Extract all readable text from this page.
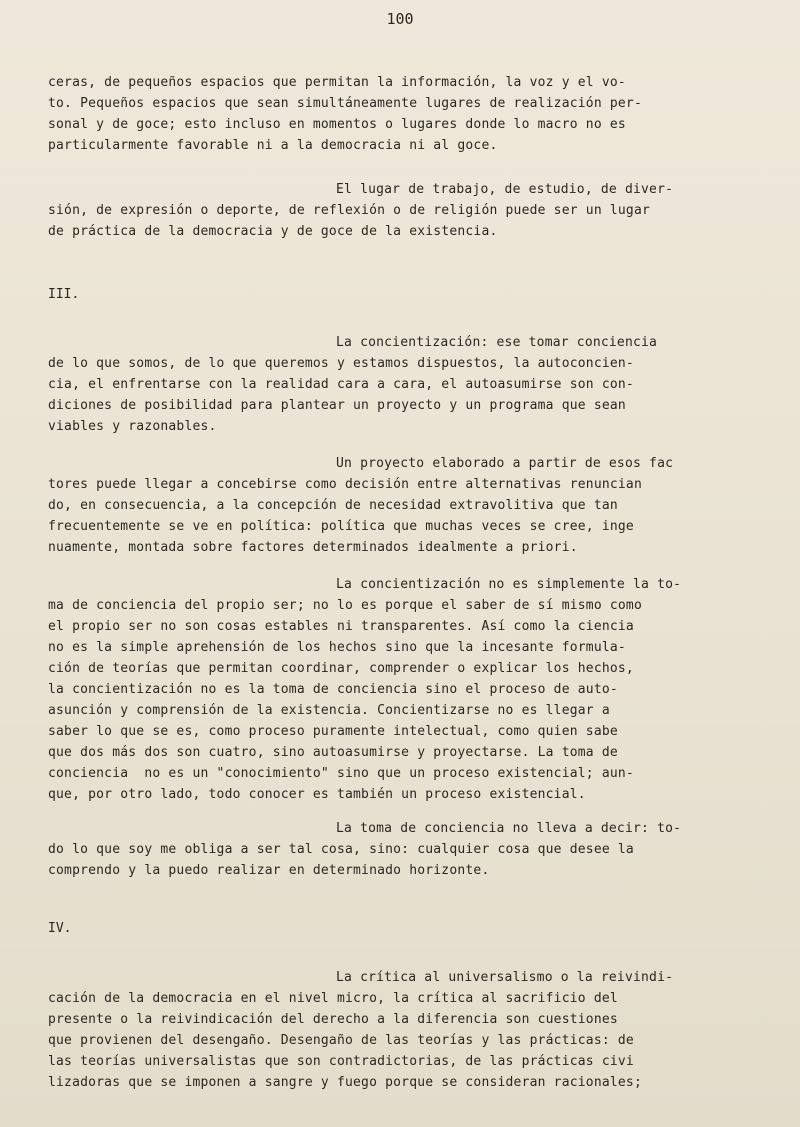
100
ceras, de pequeños espacios que permitan la información, la voz y el vo-
to. Pequeños espacios que sean simultáneamente lugares de realización per-
sonal y de goce; esto incluso en momentos o lugares donde lo macro no es
particularmente favorable ni a la democracia ni al goce.
El lugar de trabajo, de estudio, de diver-
sión, de expresión o deporte, de reflexión o de religión puede ser un lugar
de práctica de la democracia y de goce de la existencia.
III.
La concientización: ese tomar conciencia
de lo que somos, de lo que queremos y estamos dispuestos, la autoconcien-
cia, el enfrentarse con la realidad cara a cara, el autoasumirse son con-
diciones de posibilidad para plantear un proyecto y un programa que sean
viables y razonables.
Un proyecto elaborado a partir de esos fac
tores puede llegar a concebirse como decisión entre alternativas renuncian
do, en consecuencia, a la concepción de necesidad extravolitiva que tan
frecuentemente se ve en política: política que muchas veces se cree, inge
nuamente, montada sobre factores determinados idealmente a priori.
La concientización no es simplemente la to-
ma de conciencia del propio ser; no lo es porque el saber de sí mismo como
el propio ser no son cosas estables ni transparentes. Así como la ciencia
no es la simple aprehensión de los hechos sino que la incesante formula-
ción de teorías que permitan coordinar, comprender o explicar los hechos,
la concientización no es la toma de conciencia sino el proceso de auto-
asunción y comprensión de la existencia. Concientizarse no es llegar a
saber lo que se es, como proceso puramente intelectual, como quien sabe
que dos más dos son cuatro, sino autoasumirse y proyectarse. La toma de
conciencia  no es un "conocimiento" sino que un proceso existencial; aun-
que, por otro lado, todo conocer es también un proceso existencial.
La toma de conciencia no lleva a decir: to-
do lo que soy me obliga a ser tal cosa, sino: cualquier cosa que desee la
comprendo y la puedo realizar en determinado horizonte.
IV.
La crítica al universalismo o la reivindi-
cación de la democracia en el nivel micro, la crítica al sacrificio del
presente o la reivindicación del derecho a la diferencia son cuestiones
que provienen del desengaño. Desengaño de las teorías y las prácticas: de
las teorías universalistas que son contradictorias, de las prácticas civi
lizadoras que se imponen a sangre y fuego porque se consideran racionales;
